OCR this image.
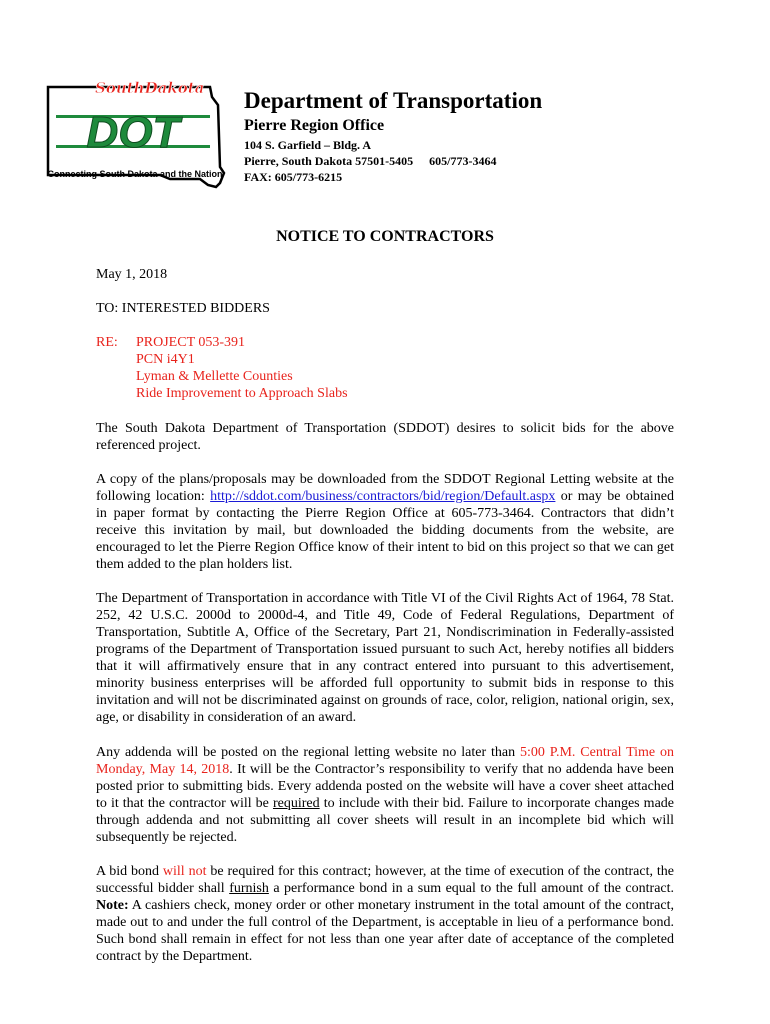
DOT
SouthDakota
Connecting South Dakota and the Nation
Department of Transportation
Pierre Region Office
104 S. Garfield – Bldg. A
Pierre, South Dakota 57501-5405 605/773-3464
FAX: 605/773-6215
NOTICE TO CONTRACTORS
May 1, 2018
TO: INTERESTED BIDDERS
RE: PROJECT 053-391
PCN i4Y1
Lyman & Mellette Counties
Ride Improvement to Approach Slabs

The South Dakota Department of Transportation (SDDOT) desires to solicit bids for the above referenced project.

A copy of the plans/proposals may be downloaded from the SDDOT Regional Letting website at the following location: http://sddot.com/business/contractors/bid/region/Default.aspx or may be obtained in paper format by contacting the Pierre Region Office at 605-773-3464. Contractors that didn’t receive this invitation by mail, but downloaded the bidding documents from the website, are encouraged to let the Pierre Region Office know of their intent to bid on this project so that we can get them added to the plan holders list.

The Department of Transportation in accordance with Title VI of the Civil Rights Act of 1964, 78 Stat. 252, 42 U.S.C. 2000d to 2000d-4, and Title 49, Code of Federal Regulations, Department of Transportation, Subtitle A, Office of the Secretary, Part 21, Nondiscrimination in Federally-assisted programs of the Department of Transportation issued pursuant to such Act, hereby notifies all bidders that it will affirmatively ensure that in any contract entered into pursuant to this advertisement, minority business enterprises will be afforded full opportunity to submit bids in response to this invitation and will not be discriminated against on grounds of race, color, religion, national origin, sex, age, or disability in consideration of an award.

Any addenda will be posted on the regional letting website no later than 5:00 P.M. Central Time on Monday, May 14, 2018. It will be the Contractor’s responsibility to verify that no addenda have been posted prior to submitting bids. Every addenda posted on the website will have a cover sheet attached to it that the contractor will be required to include with their bid. Failure to incorporate changes made through addenda and not submitting all cover sheets will result in an incomplete bid which will subsequently be rejected.

A bid bond will not be required for this contract; however, at the time of execution of the contract, the successful bidder shall furnish a performance bond in a sum equal to the full amount of the contract. Note: A cashiers check, money order or other monetary instrument in the total amount of the contract, made out to and under the full control of the Department, is acceptable in lieu of a performance bond. Such bond shall remain in effect for not less than one year after date of acceptance of the completed contract by the Department.
